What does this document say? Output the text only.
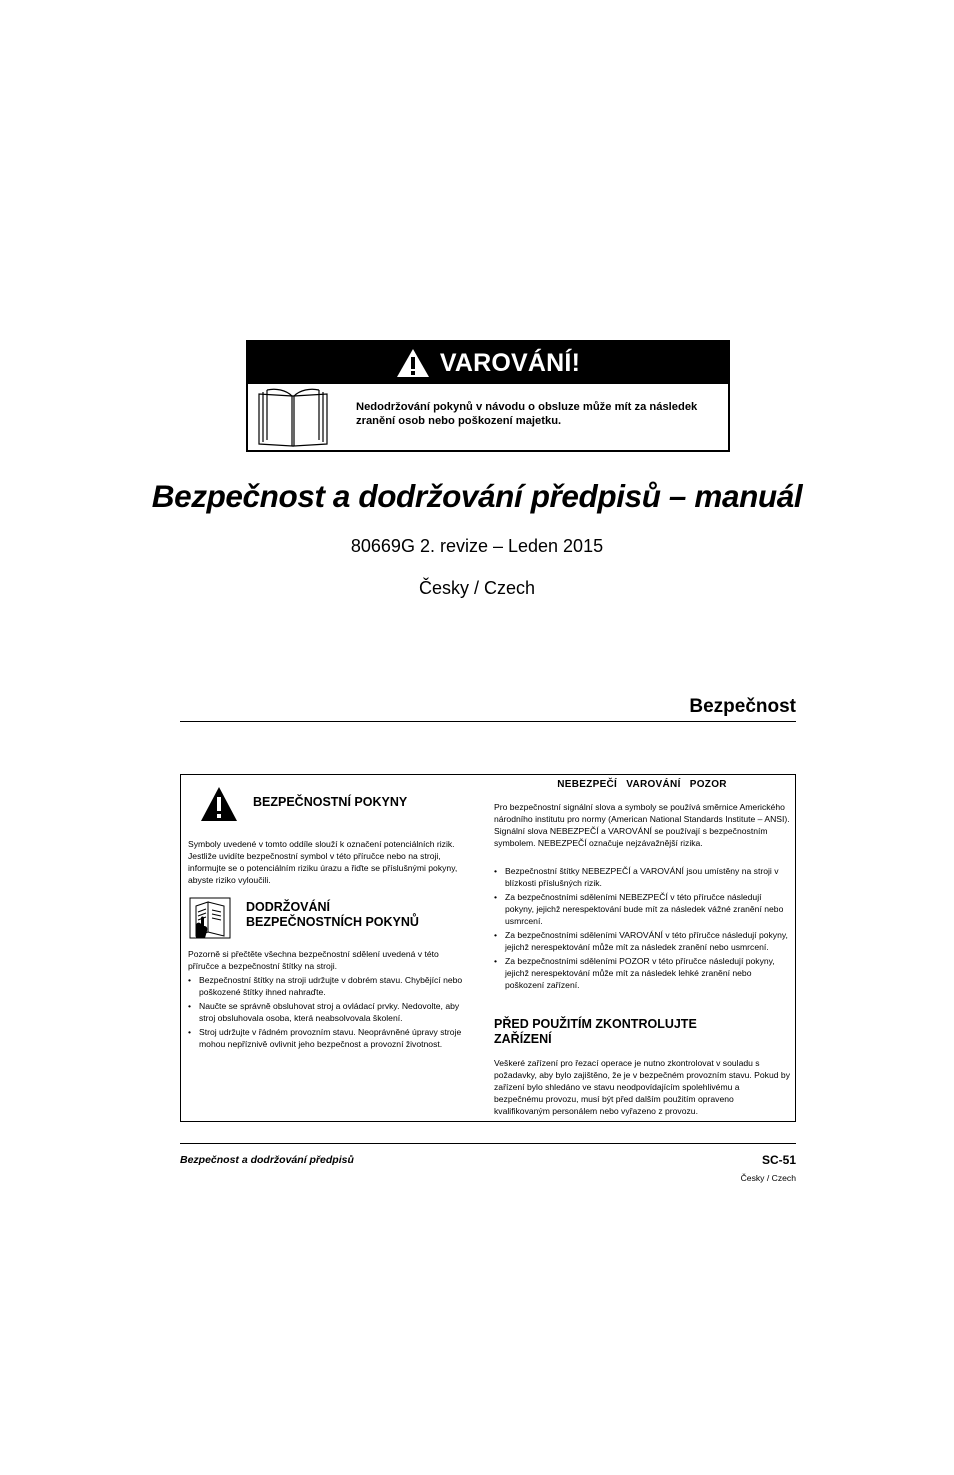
VAROVÁNÍ!
Nedodržování pokynů v návodu o obsluze může mít za následek zranění osob nebo poškození majetku.
Bezpečnost a dodržování předpisů – manuál
80669G 2. revize – Leden 2015
Česky / Czech
Bezpečnost
BEZPEČNOSTNÍ POKYNY

Symboly uvedené v tomto oddíle slouží k označení potenciálních rizik. Jestliže uvidíte bezpečnostní symbol v této příručce nebo na stroji, informujte se o potenciálním riziku úrazu a řiďte se příslušnými pokyny, abyste riziko vyloučili.

DODRŽOVÁNÍ
BEZPEČNOSTNÍCH POKYNŮ

Pozorně si přečtěte všechna bezpečnostní sdělení uvedená v této příručce a bezpečnostní štítky na stroji.

• Bezpečnostní štítky na stroji udržujte v dobrém stavu. Chybějící nebo poškozené štítky ihned nahraďte.
• Naučte se správně obsluhovat stroj a ovládací prvky. Nedovolte, aby stroj obsluhovala osoba, která neabsolvovala školení.
• Stroj udržujte v řádném provozním stavu. Neoprávněné úpravy stroje mohou nepříznivě ovlivnit jeho bezpečnost a provozní životnost.
NEBEZPEČÍ VAROVÁNÍ POZOR

Pro bezpečnostní signální slova a symboly se používá směrnice Amerického národního institutu pro normy (American National Standards Institute – ANSI). Signální slova NEBEZPEČÍ a VAROVÁNÍ se používají s bezpečnostním symbolem. NEBEZPEČÍ označuje nejzávažnější rizika.

• Bezpečnostní štítky NEBEZPEČÍ a VAROVÁNÍ jsou umístěny na stroji v blízkosti příslušných rizik.
• Za bezpečnostními sděleními NEBEZPEČÍ v této příručce následují pokyny, jejichž nerespektování bude mít za následek vážné zranění nebo usmrcení.
• Za bezpečnostními sděleními VAROVÁNÍ v této příručce následují pokyny, jejichž nerespektování může mít za následek zranění nebo usmrcení.
• Za bezpečnostními sděleními POZOR v této příručce následují pokyny, jejichž nerespektování může mít za následek lehké zranění nebo poškození zařízení.
PŘED POUŽITÍM ZKONTROLUJTE
ZAŘÍZENÍ

Veškeré zařízení pro řezací operace je nutno zkontrolovat v souladu s požadavky, aby bylo zajištěno, že je v bezpečném provozním stavu. Pokud by zařízení bylo shledáno ve stavu neodpovídajícím spolehlivému a bezpečnému provozu, musí být před dalším použitím opraveno kvalifikovaným personálem nebo vyřazeno z provozu.

Bezpečnost a dodržování předpisů	SC-51
Česky / Czech
